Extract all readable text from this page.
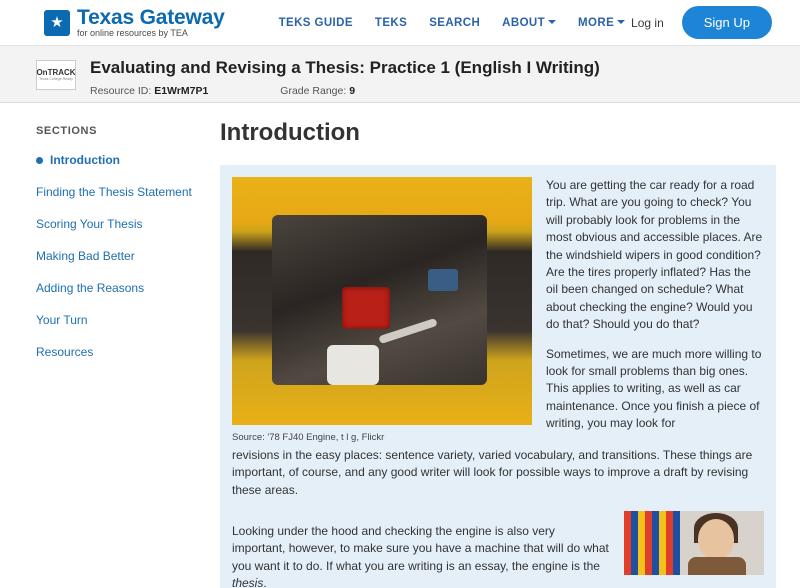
★ Texas Gateway
for online resources by TEA
TEKS GUIDE TEKS SEARCH ABOUT	MORE	Log in	Sign Up
OnTRACK
Texas College Ready
Evaluating and Revising a Thesis: Practice 1 (English I Writing)
Resource ID: E1WrM7P1	Grade Range: 9
SECTIONS
Introduction
Finding the Thesis Statement
Scoring Your Thesis
Making Bad Better
Adding the Reasons
Your Turn
Resources
Introduction
Source: '78 FJ40 Engine, t l g, Flickr

You are getting the car ready for a road trip. What are you going to check? You will probably look for problems in the most obvious and accessible places. Are the windshield wipers in good condition? Are the tires properly inflated? Has the oil been changed on schedule? What about checking the engine? Would you do that? Should you do that?

Sometimes, we are much more willing to look for small problems than big ones. This applies to writing, as well as car maintenance. Once you finish a piece of writing, you may look for

revisions in the easy places: sentence variety, varied vocabulary, and transitions. These things are important, of course, and any good writer will look for possible ways to improve a draft by revising these areas.

Looking under the hood and checking the engine is also very important, however, to make sure you have a machine that will do what you want it to do. If what you are writing is an essay, the engine is the thesis.
